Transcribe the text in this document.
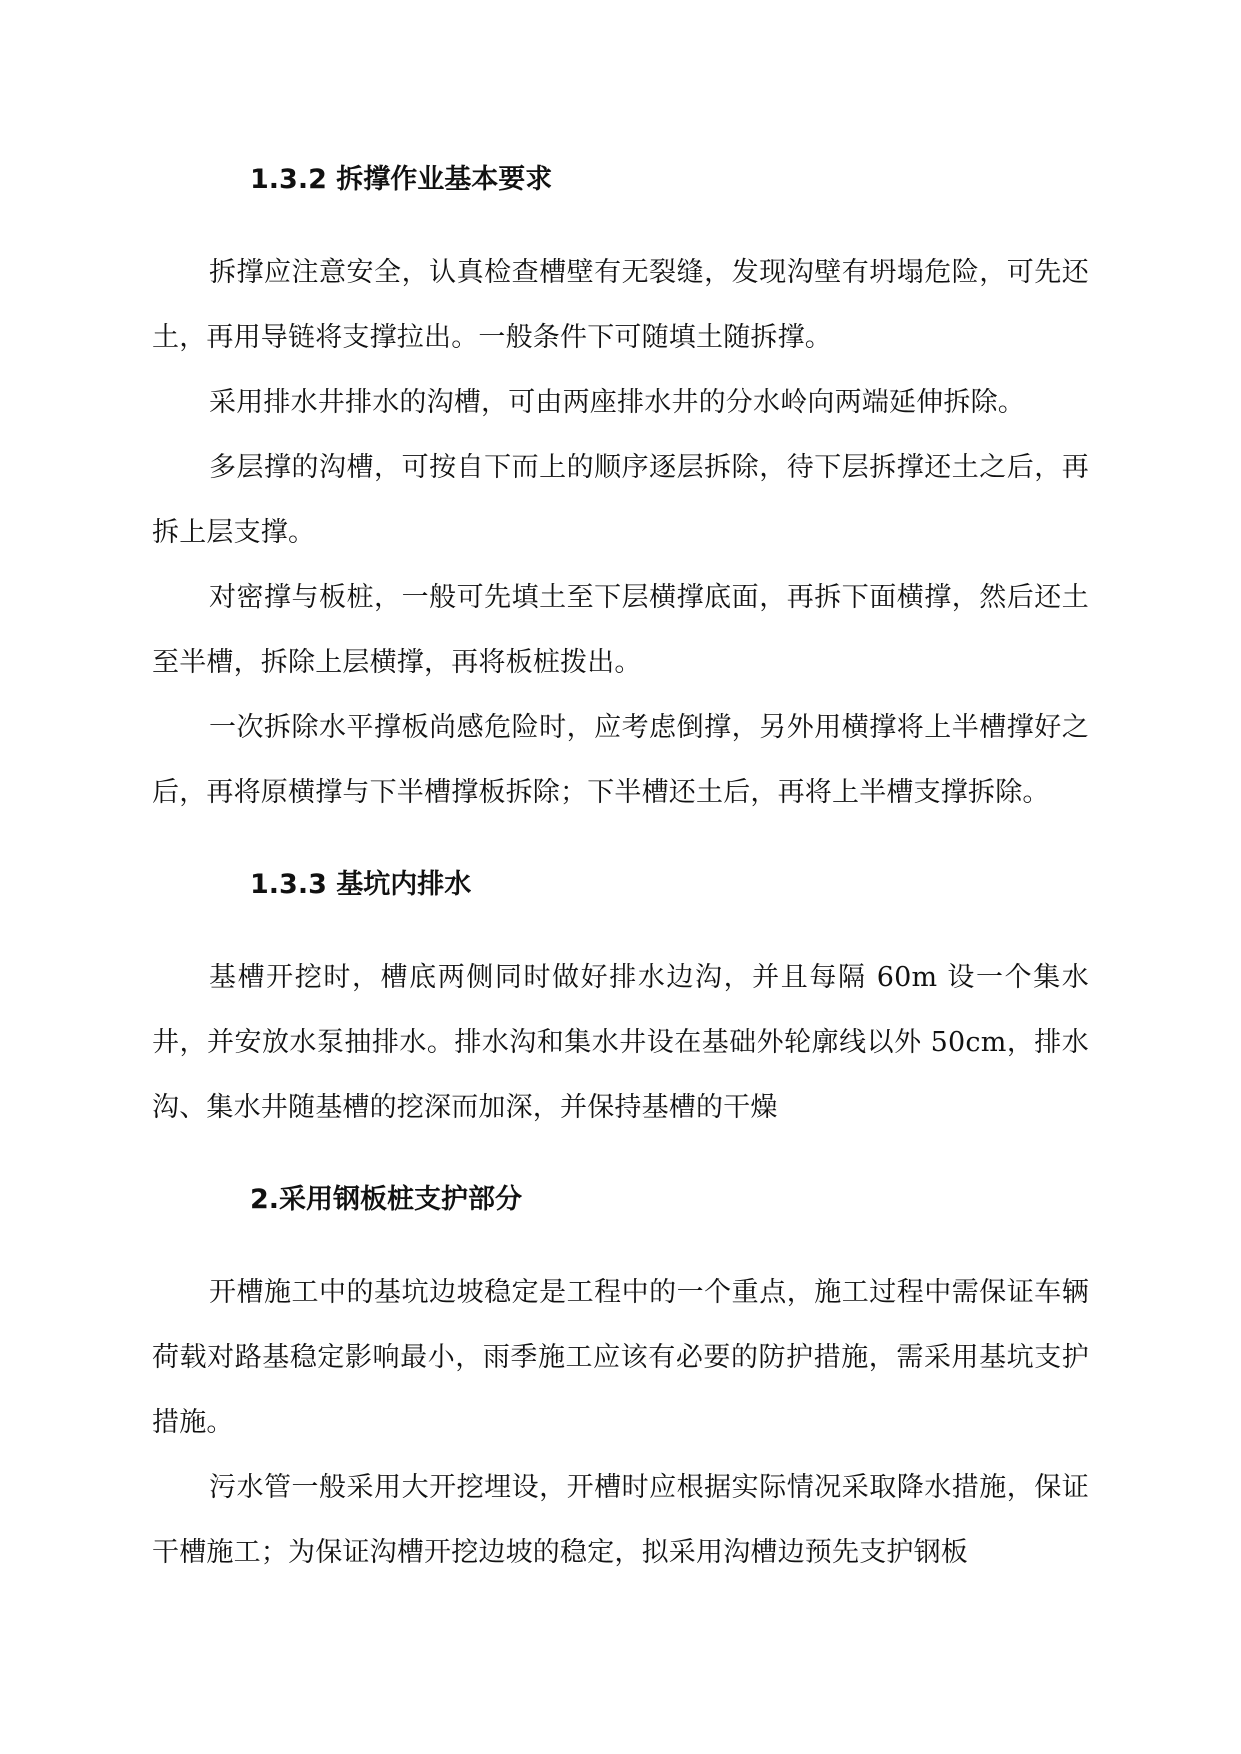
1.3.2 拆撑作业基本要求

拆撑应注意安全，认真检查槽壁有无裂缝，发现沟壁有坍塌危险，可先还土，再用导链将支撑拉出。一般条件下可随填土随拆撑。

采用排水井排水的沟槽，可由两座排水井的分水岭向两端延伸拆除。

多层撑的沟槽，可按自下而上的顺序逐层拆除，待下层拆撑还土之后，再拆上层支撑。

对密撑与板桩，一般可先填土至下层横撑底面，再拆下面横撑，然后还土至半槽，拆除上层横撑，再将板桩拨出。

一次拆除水平撑板尚感危险时，应考虑倒撑，另外用横撑将上半槽撑好之后，再将原横撑与下半槽撑板拆除；下半槽还土后，再将上半槽支撑拆除。

1.3.3 基坑内排水

基槽开挖时，槽底两侧同时做好排水边沟，并且每隔 60m 设一个集水井，并安放水泵抽排水。排水沟和集水井设在基础外轮廓线以外 50cm，排水沟、集水井随基槽的挖深而加深，并保持基槽的干燥

2.采用钢板桩支护部分

开槽施工中的基坑边坡稳定是工程中的一个重点，施工过程中需保证车辆荷载对路基稳定影响最小，雨季施工应该有必要的防护措施，需采用基坑支护措施。

污水管一般采用大开挖埋设，开槽时应根据实际情况采取降水措施，保证干槽施工；为保证沟槽开挖边坡的稳定，拟采用沟槽边预先支护钢板
